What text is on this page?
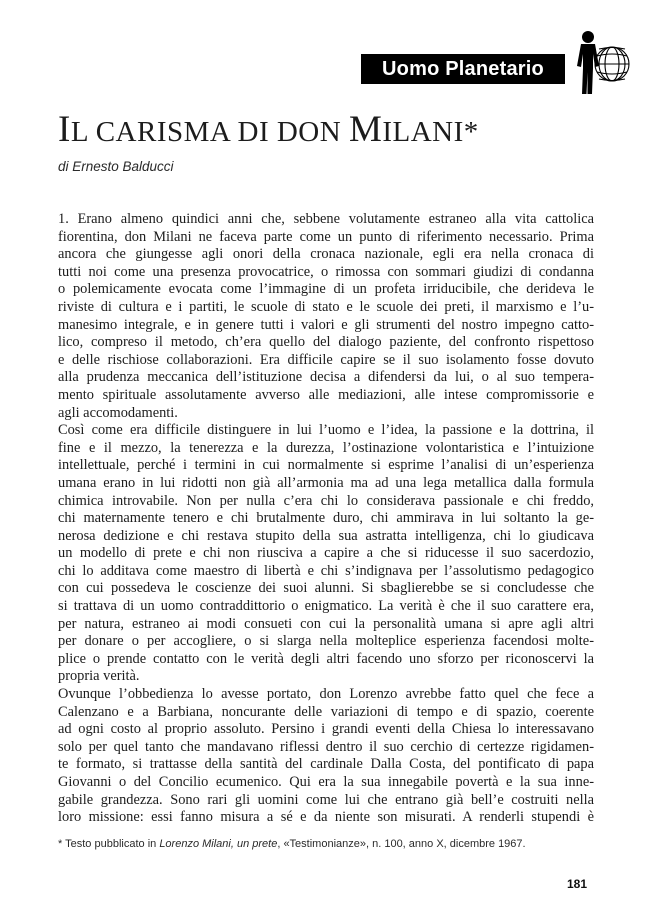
Uomo Planetario
IL CARISMA DI DON MILANI*
di Ernesto Balducci
1. Erano almeno quindici anni che, sebbene volutamente estraneo alla vita cattolica
fiorentina, don Milani ne faceva parte come un punto di riferimento necessario. Prima
ancora che giungesse agli onori della cronaca nazionale, egli era nella cronaca di
tutti noi come una presenza provocatrice, o rimossa con sommari giudizi di condanna
o polemicamente evocata come l’immagine di un profeta irriducibile, che derideva le
riviste di cultura e i partiti, le scuole di stato e le scuole dei preti, il marxismo e l’u-
manesimo integrale, e in genere tutti i valori e gli strumenti del nostro impegno catto-
lico, compreso il metodo, ch’era quello del dialogo paziente, del confronto rispettoso
e delle rischiose collaborazioni. Era difficile capire se il suo isolamento fosse dovuto
alla prudenza meccanica dell’istituzione decisa a difendersi da lui, o al suo tempera-
mento spirituale assolutamente avverso alle mediazioni, alle intese compromissorie e
agli accomodamenti.
Così come era difficile distinguere in lui l’uomo e l’idea, la passione e la dottrina, il
fine e il mezzo, la tenerezza e la durezza, l’ostinazione volontaristica e l’intuizione
intellettuale, perché i termini in cui normalmente si esprime l’analisi di un’esperienza
umana erano in lui ridotti non già all’armonia ma ad una lega metallica dalla formula
chimica introvabile. Non per nulla c’era chi lo considerava passionale e chi freddo,
chi maternamente tenero e chi brutalmente duro, chi ammirava in lui soltanto la ge-
nerosa dedizione e chi restava stupito della sua astratta intelligenza, chi lo giudicava
un modello di prete e chi non riusciva a capire a che si riducesse il suo sacerdozio,
chi lo additava come maestro di libertà e chi s’indignava per l’assolutismo pedagogico
con cui possedeva le coscienze dei suoi alunni. Si sbaglierebbe se si concludesse che
si trattava di un uomo contraddittorio o enigmatico. La verità è che il suo carattere era,
per natura, estraneo ai modi consueti con cui la personalità umana si apre agli altri
per donare o per accogliere, o si slarga nella molteplice esperienza facendosi molte-
plice o prende contatto con le verità degli altri facendo uno sforzo per riconoscervi la
propria verità.
Ovunque l’obbedienza lo avesse portato, don Lorenzo avrebbe fatto quel che fece a
Calenzano e a Barbiana, noncurante delle variazioni di tempo e di spazio, coerente
ad ogni costo al proprio assoluto. Persino i grandi eventi della Chiesa lo interessavano
solo per quel tanto che mandavano riflessi dentro il suo cerchio di certezze rigidamen-
te formato, si trattasse della santità del cardinale Dalla Costa, del pontificato di papa
Giovanni o del Concilio ecumenico. Qui era la sua innegabile povertà e la sua inne-
gabile grandezza. Sono rari gli uomini come lui che entrano già bell’e costruiti nella
loro missione: essi fanno misura a sé e da niente son misurati. A renderli stupendi è
* Testo pubblicato in Lorenzo Milani, un prete, «Testimonianze», n. 100, anno X, dicembre 1967.
181
